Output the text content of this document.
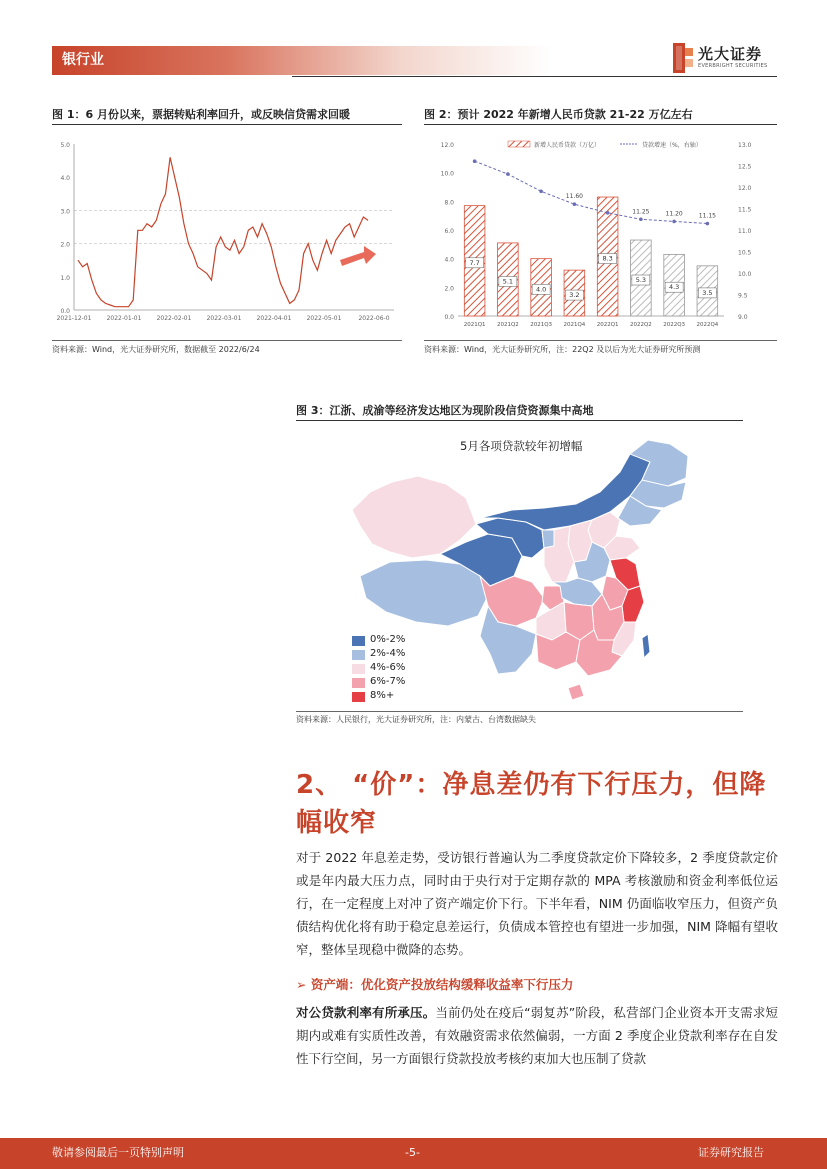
银行业	光大证券
EVERBRIGHT SECURITIES
图 1：6 月份以来，票据转贴利率回升，或反映信贷需求回暖
5.0
4.0
3.0
2.0
1.0
0.0
2021-12-01	2022-01-01	2022-02-01	2022-03-01	2022-04-01	2022-05-01	2022-06-0
资料来源：Wind，光大证券研究所，数据截至 2022/6/24
图 2：预计 2022 年新增人民币贷款 21-22 万亿左右
12.0
10.0
8.0
6.0
4.0
2.0
0.0
13.0
12.5
12.0
11.5
11.0
10.5
10.0
9.5
9.0
新增人民币贷款（万亿）	贷款增速（%，右轴）
7.7
2021Q1
5.1
2021Q2
4.0
2021Q3
3.2
2021Q4
8.3
2022Q1
5.3
2022Q2
4.3
2022Q3
3.5
2022Q4
11.60
11.25	11.20	11.15
资料来源：Wind，光大证券研究所，注：22Q2 及以后为光大证券研究所预测
图 3：江浙、成渝等经济发达地区为现阶段信贷资源集中高地
5月各项贷款较年初增幅
0%-2%
2%-4%
4%-6%
6%-7%
8%+
资料来源：人民银行，光大证券研究所，注：内蒙古、台湾数据缺失
2、 “价”：净息差仍有下行压力，但降幅收窄
对于 2022 年息差走势，受访银行普遍认为二季度贷款定价下降较多，2 季度贷款定价或是年内最大压力点，同时由于央行对于定期存款的 MPA 考核激励和资金利率低位运行，在一定程度上对冲了资产端定价下行。下半年看，NIM 仍面临收窄压力，但资产负债结构优化将有助于稳定息差运行，负债成本管控也有望进一步加强，NIM 降幅有望收窄，整体呈现稳中微降的态势。
➢ 资产端：优化资产投放结构缓释收益率下行压力
对公贷款利率有所承压。当前仍处在疫后“弱复苏”阶段，私营部门企业资本开支需求短期内或难有实质性改善，有效融资需求依然偏弱，一方面 2 季度企业贷款利率存在自发性下行空间，另一方面银行贷款投放考核约束加大也压制了贷款
敬请参阅最后一页特别声明	-5-	证券研究报告
